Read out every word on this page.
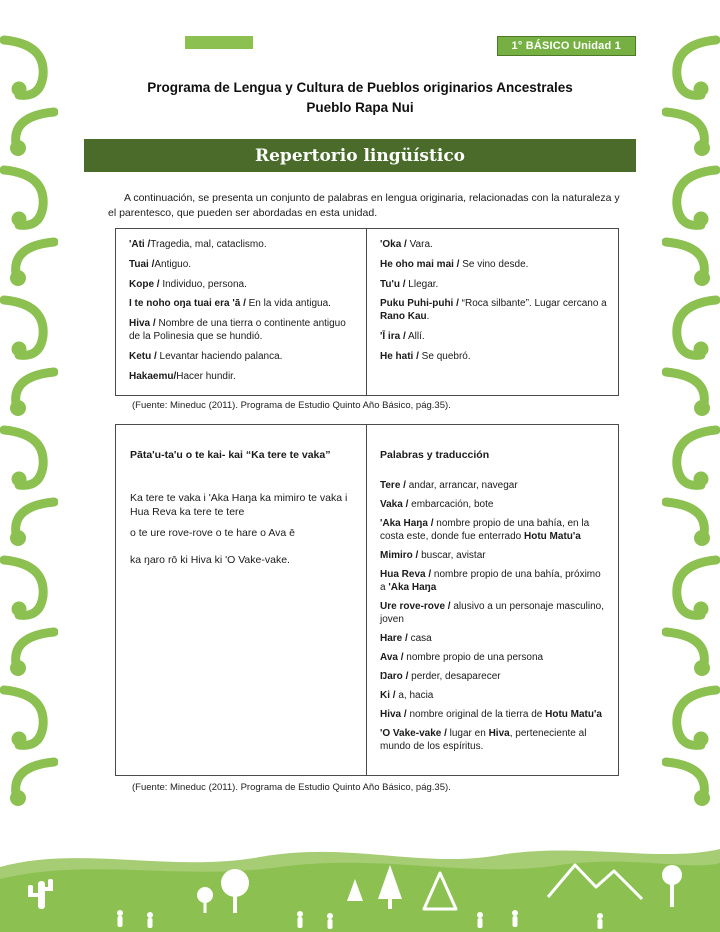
1° BÁSICO Unidad 1
Programa de Lengua y Cultura de Pueblos originarios Ancestrales
Pueblo Rapa Nui
Repertorio lingüístico

A continuación, se presenta un conjunto de palabras en lengua originaria, relacionadas con la naturaleza y el parentesco, que pueden ser abordadas en esta unidad.

'Ati /Tragedia, mal, cataclismo.

Tuai /Antiguo.

Kope / Individuo, persona.

I te noho oŋa tuai era 'ā / En la vida antigua.

Hiva / Nombre de una tierra o continente antiguo de la Polinesia que se hundió.

Ketu / Levantar haciendo palanca.

Hakaemu/Hacer hundir.

'Oka / Vara.

He oho mai mai / Se vino desde.

Tu'u / Llegar.

Puku Puhi-puhi / “Roca silbante”. Lugar cercano a Rano Kau.

'Ī ira / Allí.

He hati / Se quebró.

(Fuente: Mineduc (2011). Programa de Estudio Quinto Año Básico, pág.35).

Pāta'u-ta'u o te kai- kai “Ka tere te vaka”

Ka tere te vaka i 'Aka Haŋa ka mimiro te vaka i Hua Reva ka tere te tere

o te ure rove-rove o te hare o Ava ē

ka ŋaro rō ki Hiva ki 'O Vake-vake.

Palabras y traducción

Tere / andar, arrancar, navegar

Vaka / embarcación, bote

'Aka Haŋa / nombre propio de una bahía, en la costa este, donde fue enterrado Hotu Matu'a

Mimiro / buscar, avistar

Hua Reva / nombre propio de una bahía, próximo a 'Aka Haŋa

Ure rove-rove / alusivo a un personaje masculino, joven

Hare / casa

Ava / nombre propio de una persona

Ŋaro / perder, desaparecer

Ki / a, hacia

Hiva / nombre original de la tierra de Hotu Matu'a

'O Vake-vake / lugar en Hiva, perteneciente al mundo de los espíritus.

(Fuente: Mineduc (2011). Programa de Estudio Quinto Año Básico, pág.35).
